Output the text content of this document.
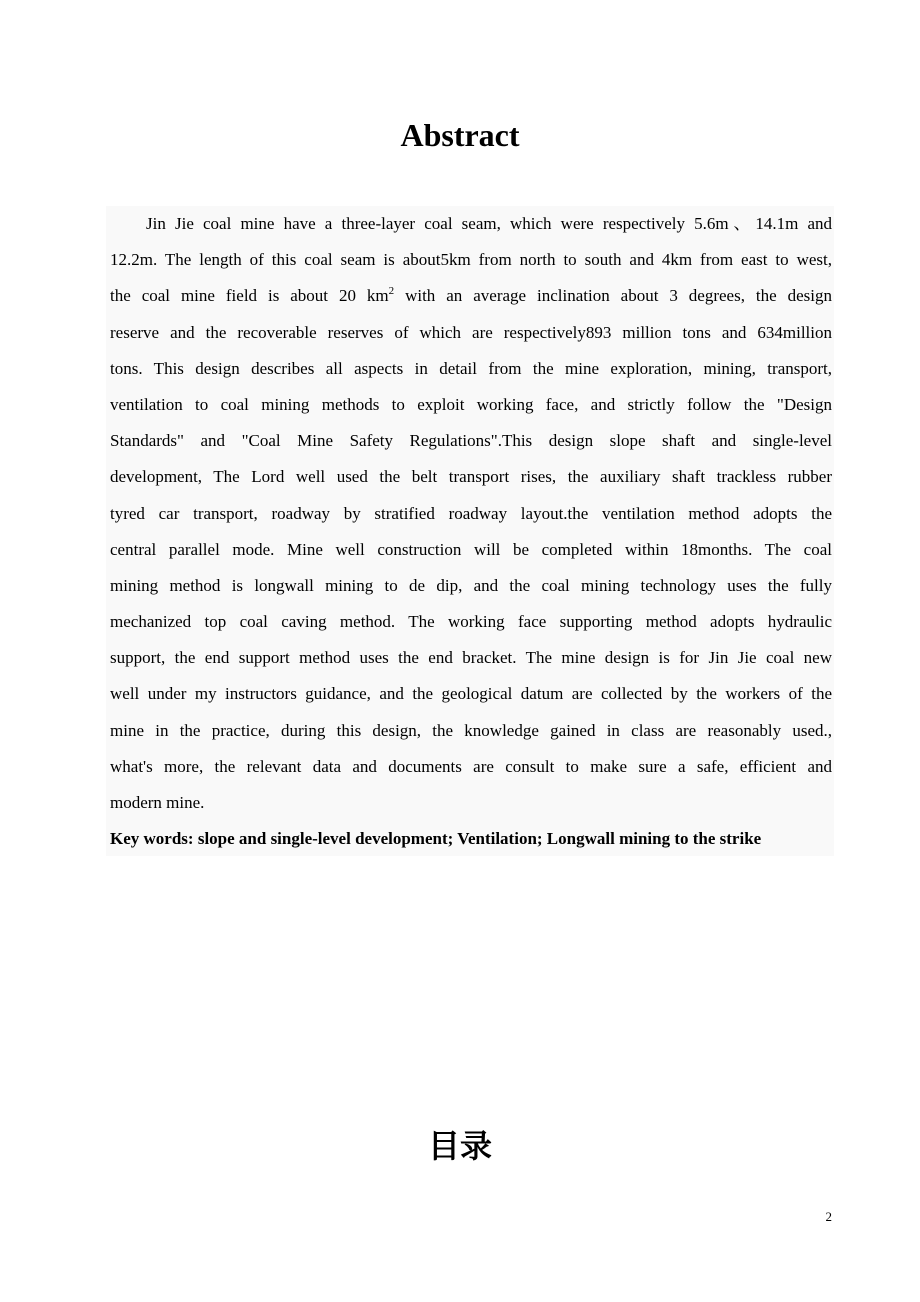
Abstract
Jin Jie coal mine have a three-layer coal seam, which were respectively 5.6m、14.1m and
12.2m. The length of this coal seam is about5km from north to south and 4km from east to west,
the coal mine field is about 20 $km^2$ with an average inclination about 3 degrees, the design
reserve and the recoverable reserves of which are respectively893 million tons and 634million
tons. This design describes all aspects in detail from the mine exploration, mining, transport,
ventilation to coal mining methods to exploit working face, and strictly follow the "Design
Standards" and "Coal Mine Safety Regulations".This design slope shaft and single-level
development, The Lord well used the belt transport rises, the auxiliary shaft trackless rubber
tyred car transport, roadway by stratified roadway layout.the ventilation method adopts the
central parallel mode. Mine well construction will be completed within 18months. The coal
mining method is longwall mining to de dip, and the coal mining technology uses the fully
mechanized top coal caving method. The working face supporting method adopts hydraulic
support, the end support method uses the end bracket. The mine design is for Jin Jie coal new
well under my instructors guidance, and the geological datum are collected by the workers of the
mine in the practice, during this design, the knowledge gained in class are reasonably used.,
what's more, the relevant data and documents are consult to make sure a safe, efficient and
modern mine.

Key words: slope and single-level development; Ventilation; Longwall mining to the strike

目录
2
